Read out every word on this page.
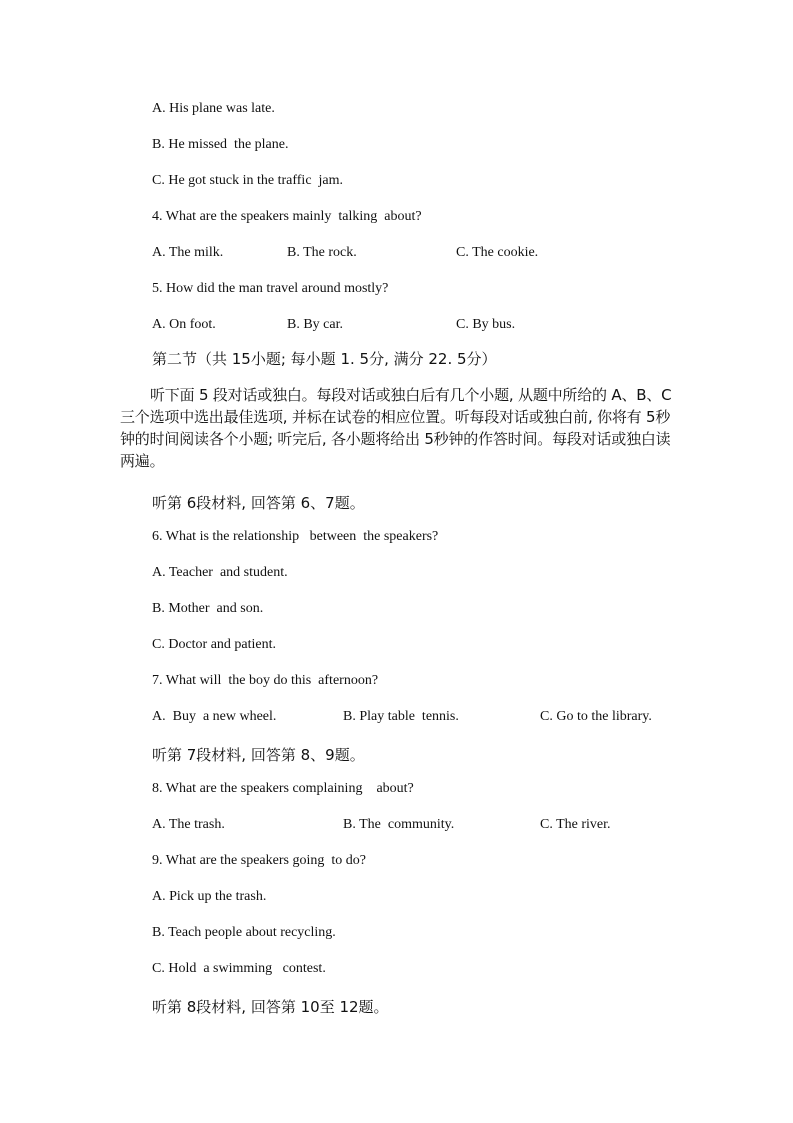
A. His plane was late.
B. He missed  the plane.
C. He got stuck in the traffic  jam.
4. What are the speakers mainly  talking  about?
A. The milk.	B. The rock.	C. The cookie.
5. How did the man travel around mostly?
A. On foot.	B. By car.	C. By bus.
第二节（共 15小题; 每小题 1. 5分, 满分 22. 5分）
听下面 5 段对话或独白。每段对话或独白后有几个小题, 从题中所给的 A、B、C 三个选项中选出最佳选项, 并标在试卷的相应位置。听每段对话或独白前, 你将有 5秒钟的时间阅读各个小题; 听完后, 各小题将给出 5秒钟的作答时间。每段对话或独白读两遍。
听第 6段材料, 回答第 6、7题。
6. What is the relationship   between  the speakers?
A. Teacher  and student.
B. Mother  and son.
C. Doctor and patient.
7. What will  the boy do this  afternoon?
A.  Buy  a new wheel.	B. Play table  tennis.	C. Go to the library.
听第 7段材料, 回答第 8、9题。
8. What are the speakers complaining    about?
A. The trash.	B. The  community.	C. The river.
9. What are the speakers going  to do?
A. Pick up the trash.
B. Teach people about recycling.
C. Hold  a swimming   contest.
听第 8段材料, 回答第 10至 12题。
